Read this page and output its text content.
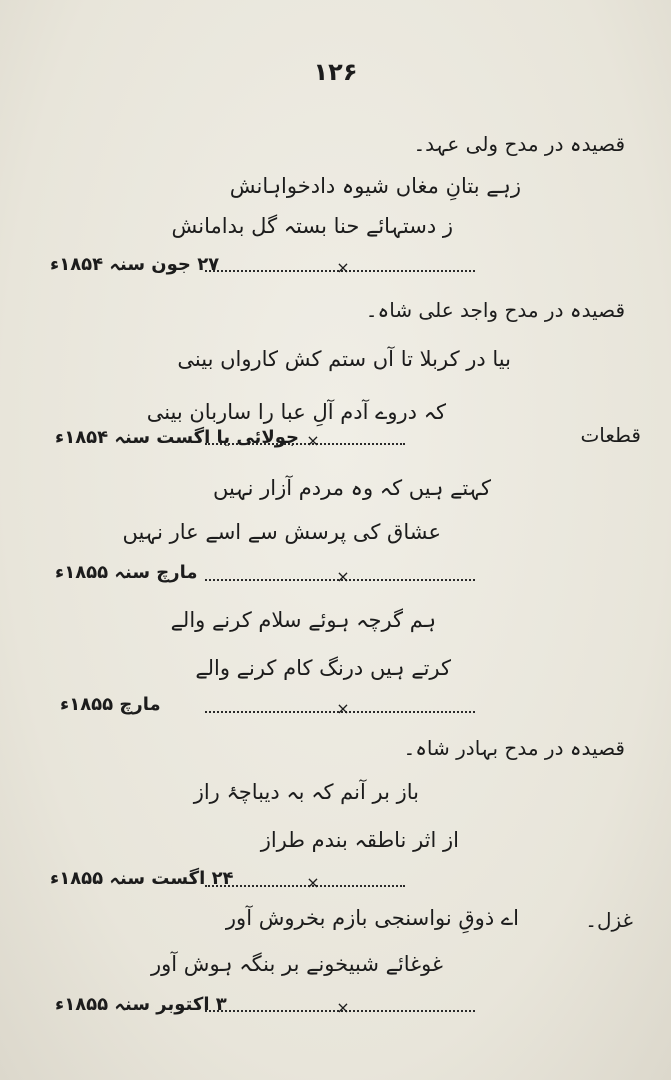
۱۲۶
قصیدہ در مدح ولی عہد۔
زہے بتانِ مغاں شیوہ دادخواہانش
ز دستہائے حنا بستہ گل بدامانش
×
۲۷ جون سنہ ۱۸۵۴ء
قصیدہ در مدح واجد علی شاہ۔
بیا در کربلا تا آں ستم کش کارواں بینی
کہ دروے آدم آلِ عبا را ساربان بینی
×
جولائی یا اگست سنہ ۱۸۵۴ء	قطعات
کہتے ہیں کہ وہ مردم آزار نہیں
عشاق کی پرسش سے اسے عار نہیں
×
مارچ سنہ ۱۸۵۵ء
ہم گرچہ ہوئے سلام کرنے والے
کرتے ہیں درنگ کام کرنے والے
×
مارچ ۱۸۵۵ء
قصیدہ در مدح بہادر شاہ۔
باز بر آنم کہ بہ دیباچۂ راز
از اثر ناطقہ بندم طراز
×
۲۴ اگست سنہ ۱۸۵۵ء
غزل۔
اے ذوقِ نواسنجی بازم بخروش آور
غوغائے شبیخونے بر بنگہ ہوش آور
×
۳ اکتوبر سنہ ۱۸۵۵ء
